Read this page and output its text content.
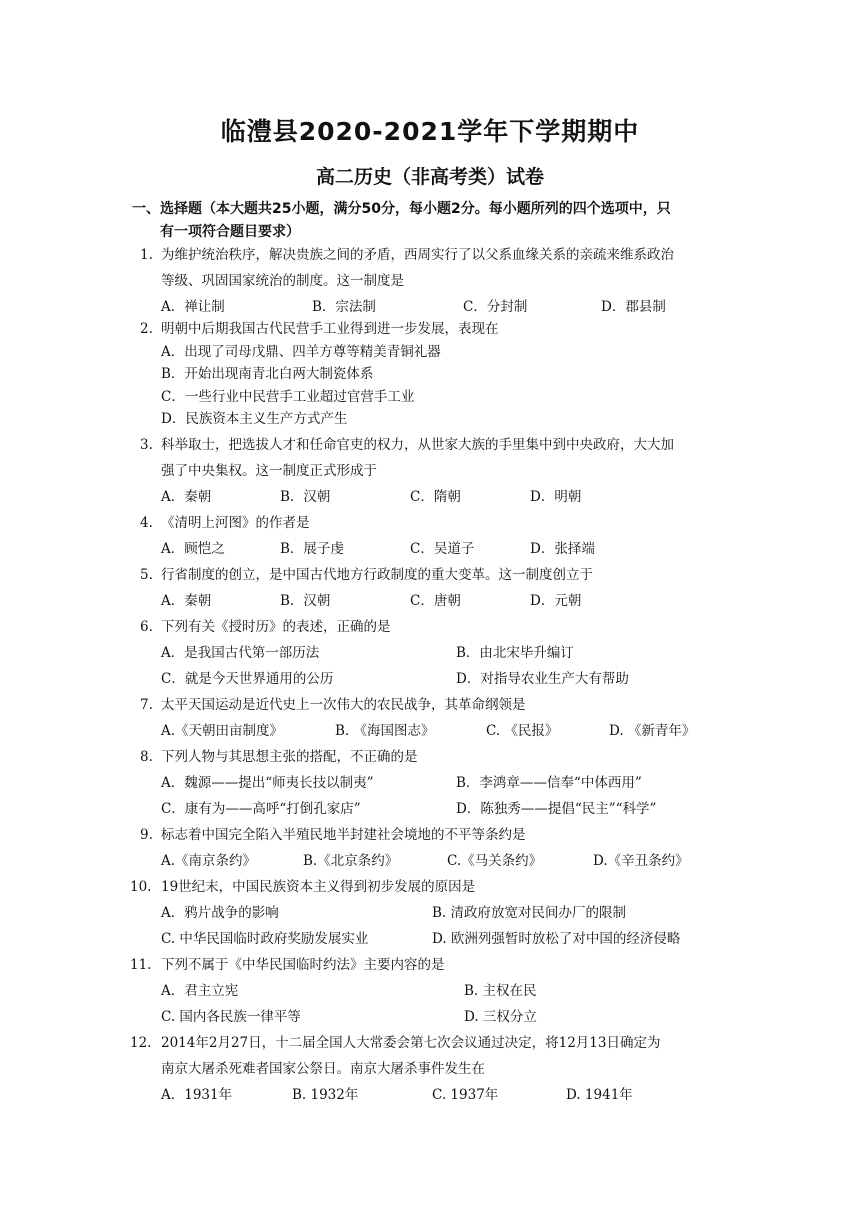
临澧县2020-2021学年下学期期中
高二历史（非高考类）试卷
一、选择题（本大题共25小题，满分50分，每小题2分。每小题所列的四个选项中，只
有一项符合题目要求）
1. 为维护统治秩序，解决贵族之间的矛盾，西周实行了以父系血缘关系的亲疏来维系政治
等级、巩固国家统治的制度。这一制度是
A．禅让制	B．宗法制	C．分封制	D．郡县制
2. 明朝中后期我国古代民营手工业得到进一步发展，表现在
A．出现了司母戊鼎、四羊方尊等精美青铜礼器
B．开始出现南青北白两大制瓷体系
C．一些行业中民营手工业超过官营手工业
D．民族资本主义生产方式产生
3. 科举取士，把选拔人才和任命官吏的权力，从世家大族的手里集中到中央政府，大大加
强了中央集权。这一制度正式形成于
A．秦朝	B．汉朝	C．隋朝	D．明朝
4. 《清明上河图》的作者是
A．顾恺之	B．展子虔	C．吴道子	D．张择端
5. 行省制度的创立，是中国古代地方行政制度的重大变革。这一制度创立于
A．秦朝	B．汉朝	C．唐朝	D．元朝
6. 下列有关《授时历》的表述，正确的是
A．是我国古代第一部历法	B．由北宋毕升编订
C．就是今天世界通用的公历	D．对指导农业生产大有帮助
7. 太平天国运动是近代史上一次伟大的农民战争，其革命纲领是
A.《天朝田亩制度》	B. 《海国图志》	C. 《民报》	D. 《新青年》
8. 下列人物与其思想主张的搭配，不正确的是
A．魏源——提出“师夷长技以制夷”	B．李鸿章——信奉“中体西用”
C．康有为——高呼“打倒孔家店”	D．陈独秀——提倡“民主”“科学”
9. 标志着中国完全陷入半殖民地半封建社会境地的不平等条约是
A.《南京条约》	B.《北京条约》	C.《马关条约》	D.《辛丑条约》
10. 19世纪末，中国民族资本主义得到初步发展的原因是
A．鸦片战争的影响	B. 清政府放宽对民间办厂的限制
C. 中华民国临时政府奖励发展实业	D. 欧洲列强暂时放松了对中国的经济侵略
11. 下列不属于《中华民国临时约法》主要内容的是
A．君主立宪	B. 主权在民
C. 国内各民族一律平等	D. 三权分立
12. 2014年2月27日，十二届全国人大常委会第七次会议通过决定，将12月13日确定为
南京大屠杀死难者国家公祭日。南京大屠杀事件发生在
A．1931年	B. 1932年	C. 1937年	D. 1941年
